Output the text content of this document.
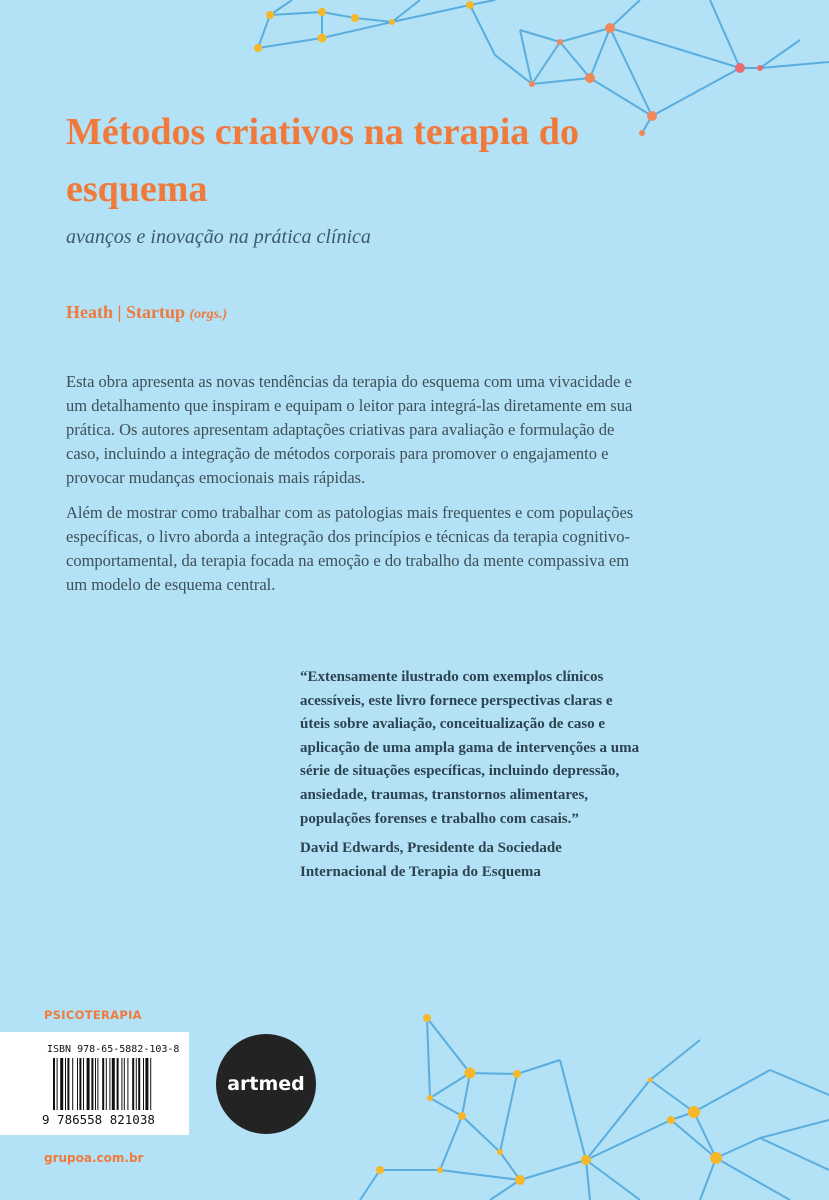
Métodos criativos na terapia do esquema

avanços e inovação na prática clínica

Heath | Startup (orgs.)

Esta obra apresenta as novas tendências da terapia do esquema com uma vivacidade e um detalhamento que inspiram e equipam o leitor para integrá-las diretamente em sua prática. Os autores apresentam adaptações criativas para avaliação e formulação de caso, incluindo a integração de métodos corporais para promover o engajamento e provocar mudanças emocionais mais rápidas.

Além de mostrar como trabalhar com as patologias mais frequentes e com populações específicas, o livro aborda a integração dos princípios e técnicas da terapia cognitivo-comportamental, da terapia focada na emoção e do trabalho da mente compassiva em um modelo de esquema central.

“Extensamente ilustrado com exemplos clínicos acessíveis, este livro fornece perspectivas claras e úteis sobre avaliação, conceitualização de caso e aplicação de uma ampla gama de intervenções a uma série de situações específicas, incluindo depressão, ansiedade, traumas, transtornos alimentares, populações forenses e trabalho com casais.”

David Edwards, Presidente da Sociedade Internacional de Terapia do Esquema

PSICOTERAPIA
ISBN 978-65-5882-103-8
9 786558 821038
artmed
grupoa.com.br
